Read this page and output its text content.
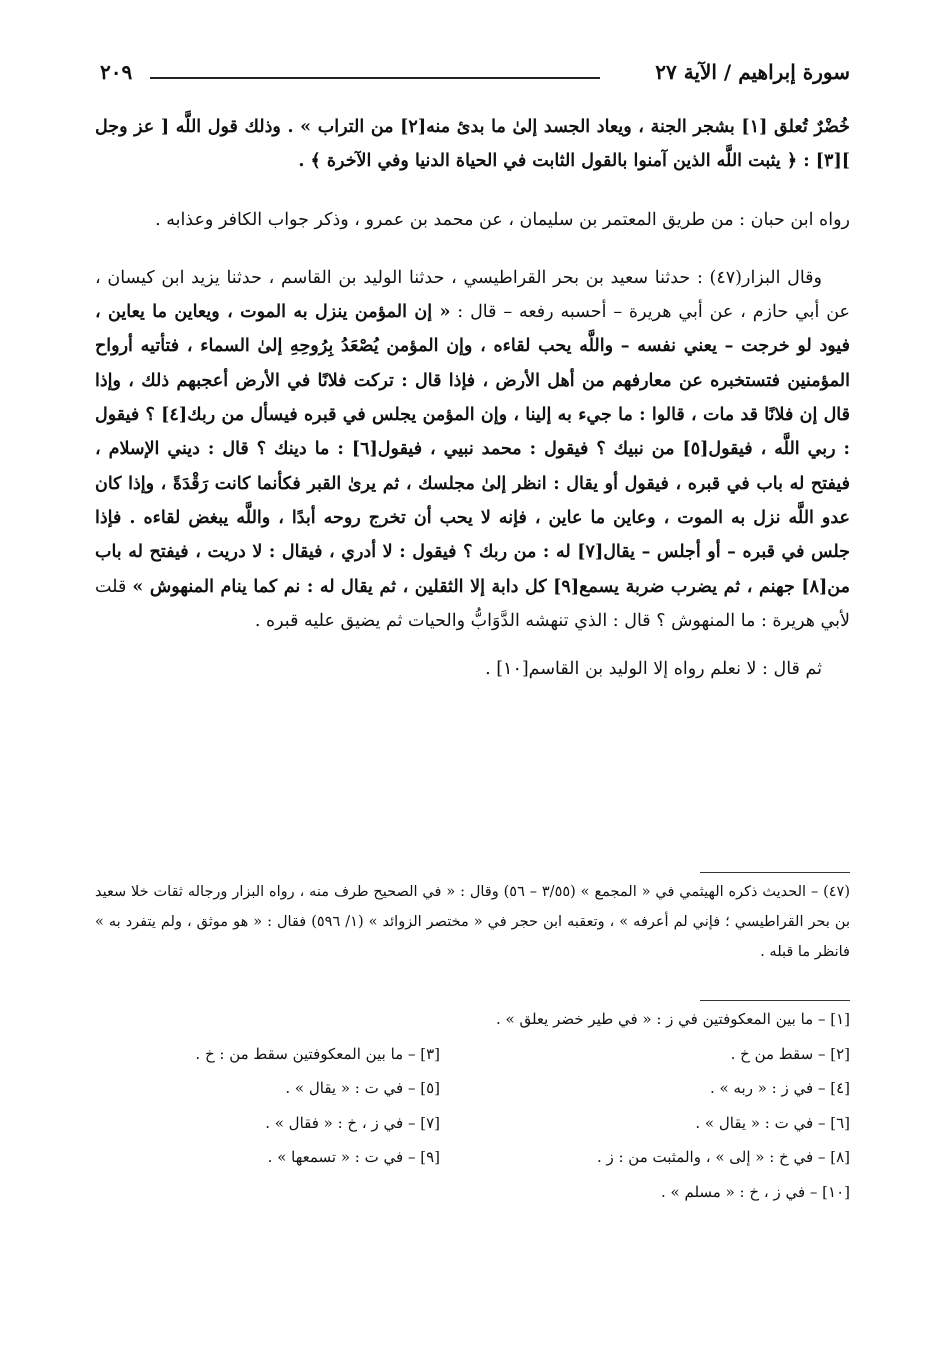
سورة إبراهيم / الآية ٢٧
٢٠٩

خُضْرٌ تُعلق [١] بشجر الجنة ، ويعاد الجسد إلىٰ ما بدئ منه[٢] من التراب » . وذلك قول اللَّه [ عز وجل ][٣] : ﴿ يثبت اللَّه الذين آمنوا بالقول الثابت في الحياة الدنيا وفي الآخرة ﴾ .

رواه ابن حبان : من طريق المعتمر بن سليمان ، عن محمد بن عمرو ، وذكر جواب الكافر وعذابه .

وقال البزار(٤٧) : حدثنا سعيد بن بحر القراطيسي ، حدثنا الوليد بن القاسم ، حدثنا يزيد ابن كيسان ، عن أبي حازم ، عن أبي هريرة – أحسبه رفعه – قال : « إن المؤمن ينزل به الموت ، ويعاين ما يعاين ، فيود لو خرجت – يعني نفسه – واللَّه يحب لقاءه ، وإن المؤمن يُصْعَدُ بِرُوحِهِ إلىٰ السماء ، فتأتيه أرواح المؤمنين فتستخبره عن معارفهم من أهل الأرض ، فإذا قال : تركت فلانًا في الأرض أعجبهم ذلك ، وإذا قال إن فلانًا قد مات ، قالوا : ما جيء به إلينا ، وإن المؤمن يجلس في قبره فيسأل من ربك[٤] ؟ فيقول : ربي اللَّه ، فيقول[٥] من نبيك ؟ فيقول : محمد نبيي ، فيقول[٦] : ما دينك ؟ قال : ديني الإسلام ، فيفتح له باب في قبره ، فيقول أو يقال : انظر إلىٰ مجلسك ، ثم يرىٰ القبر فكأنما كانت رَقْدَةً ، وإذا كان عدو اللَّه نزل به الموت ، وعاين ما عاين ، فإنه لا يحب أن تخرج روحه أبدًا ، واللَّه يبغض لقاءه . فإذا جلس في قبره – أو أجلس – يقال[٧] له : من ربك ؟ فيقول : لا أدري ، فيقال : لا دريت ، فيفتح له باب من[٨] جهنم ، ثم يضرب ضربة يسمع[٩] كل دابة إلا الثقلين ، ثم يقال له : نم كما ينام المنهوش » قلت لأبي هريرة : ما المنهوش ؟ قال : الذي تنهشه الدَّوَابُّ والحيات ثم يضيق عليه قبره .

ثم قال : لا نعلم رواه إلا الوليد بن القاسم[١٠] .

(٤٧) – الحديث ذكره الهيثمي في « المجمع » (٣/٥٥ – ٥٦) وقال : « في الصحيح طرف منه ، رواه البزار ورجاله ثقات خلا سعيد بن بحر القراطيسي ؛ فإني لم أعرفه » ، وتعقبه ابن حجر في « مختصر الزوائد » (١/ ٥٩٦) فقال : « هو موثق ، ولم يتفرد به » فانظر ما قبله .
[١] – ما بين المعكوفتين في ز : « في طير خضر يعلق » .
[٢] – سقط من خ .
[٣] – ما بين المعكوفتين سقط من : خ .
[٤] – في ز : « ربه » .
[٥] – في ت : « يقال » .
[٦] – في ت : « يقال » .
[٧] – في ز ، خ : « فقال » .
[٨] – في خ : « إلى » ، والمثبت من : ز .
[٩] – في ت : « تسمعها » .
[١٠] – في ز ، خ : « مسلم » .
